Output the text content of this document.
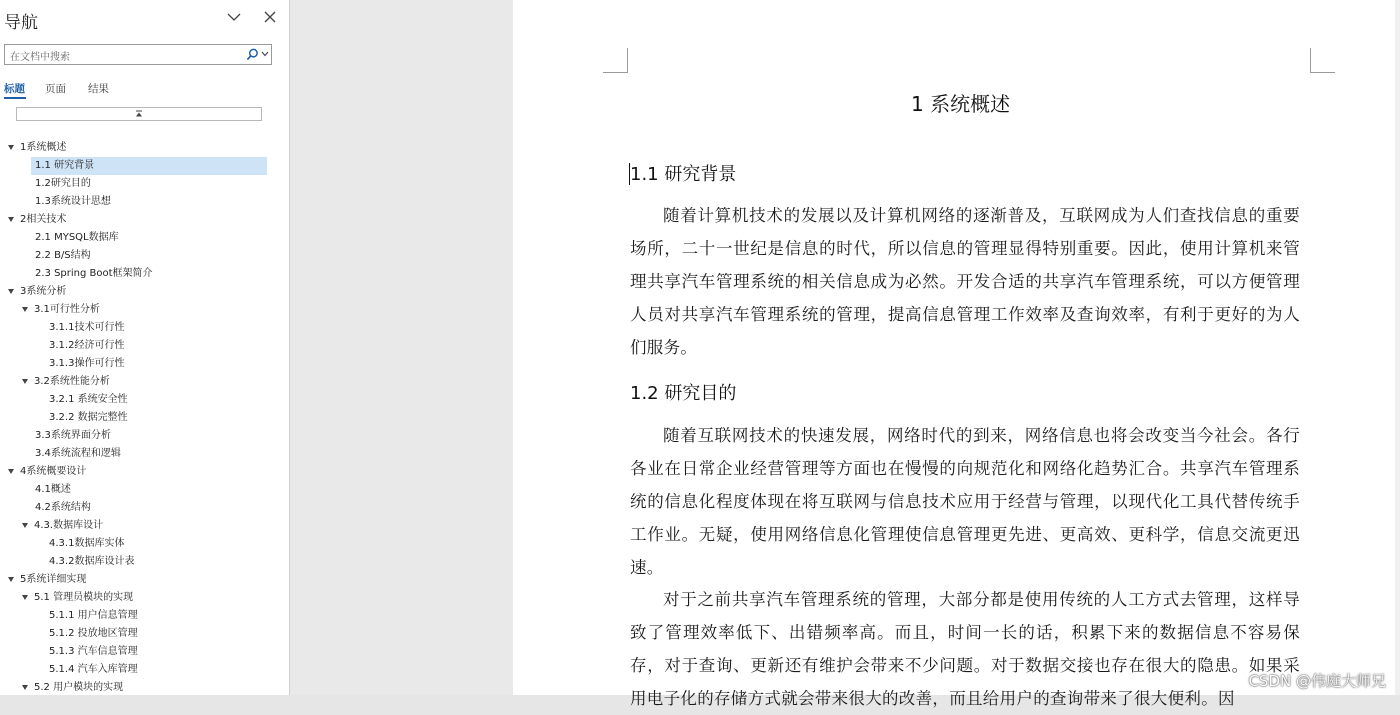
导航
在文档中搜索
标题 页面 结果
1系统概述
1.1 研究背景
1.2研究目的
1.3系统设计思想
2相关技术
2.1 MYSQL数据库
2.2 B/S结构
2.3 Spring Boot框架简介
3系统分析
3.1可行性分析
3.1.1技术可行性
3.1.2经济可行性
3.1.3操作可行性
3.2系统性能分析
3.2.1 系统安全性
3.2.2 数据完整性
3.3系统界面分析
3.4系统流程和逻辑
4系统概要设计
4.1概述
4.2系统结构
4.3.数据库设计
4.3.1数据库实体
4.3.2数据库设计表
5系统详细实现
5.1 管理员模块的实现
5.1.1 用户信息管理
5.1.2 投放地区管理
5.1.3 汽车信息管理
5.1.4 汽车入库管理
5.2 用户模块的实现
1 系统概述
1.1 研究背景
随着计算机技术的发展以及计算机网络的逐渐普及，互联网成为人们查找信息的重要场所，二十一世纪是信息的时代，所以信息的管理显得特别重要。因此，使用计算机来管理共享汽车管理系统的相关信息成为必然。开发合适的共享汽车管理系统，可以方便管理人员对共享汽车管理系统的管理，提高信息管理工作效率及查询效率，有利于更好的为人们服务。
1.2 研究目的
随着互联网技术的快速发展，网络时代的到来，网络信息也将会改变当今社会。各行各业在日常企业经营管理等方面也在慢慢的向规范化和网络化趋势汇合。共享汽车管理系统的信息化程度体现在将互联网与信息技术应用于经营与管理，以现代化工具代替传统手工作业。无疑，使用网络信息化管理使信息管理更先进、更高效、更科学，信息交流更迅速。
对于之前共享汽车管理系统的管理，大部分都是使用传统的人工方式去管理，这样导致了管理效率低下、出错频率高。而且，时间一长的话，积累下来的数据信息不容易保存，对于查询、更新还有维护会带来不少问题。对于数据交接也存在很大的隐患。如果采用电子化的存储方式就会带来很大的改善，而且给用户的查询带来了很大便利。因
CSDN @伟庭大师兄
